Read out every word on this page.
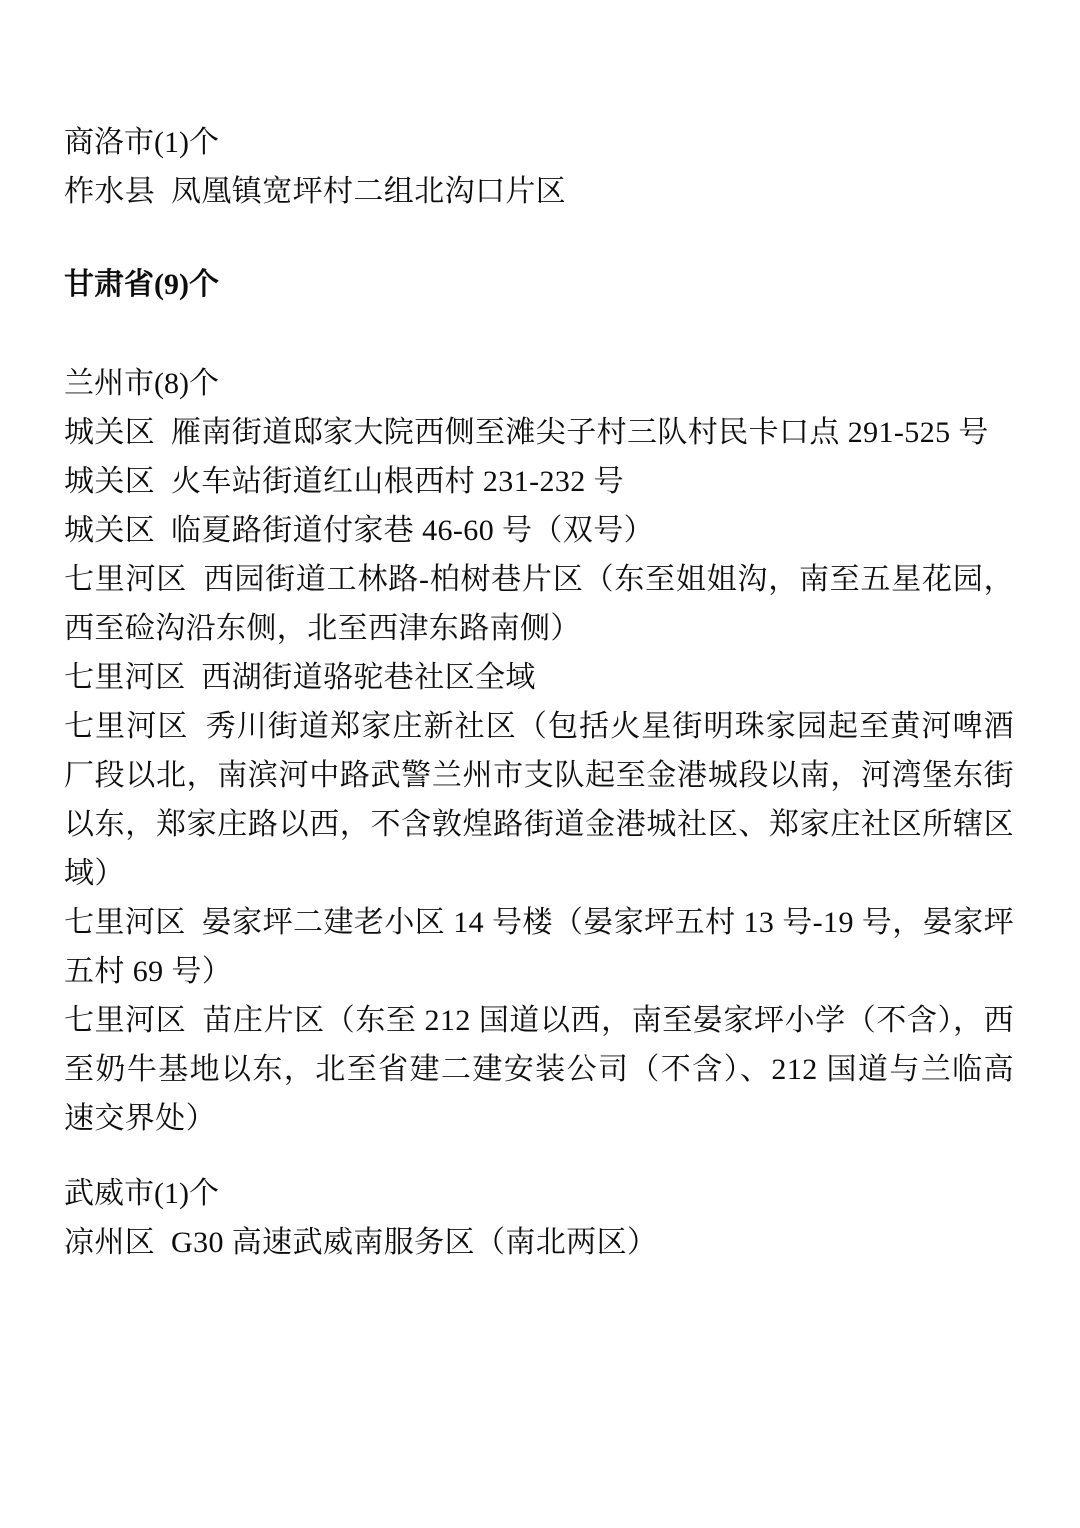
商洛市(1)个

柞水县  凤凰镇宽坪村二组北沟口片区

甘肃省(9)个

兰州市(8)个

城关区  雁南街道邸家大院西侧至滩尖子村三队村民卡口点 291-525 号

城关区  火车站街道红山根西村 231-232 号

城关区  临夏路街道付家巷 46-60 号（双号）

七里河区  西园街道工林路-柏树巷片区（东至姐姐沟，南至五星花园，西至硷沟沿东侧，北至西津东路南侧）

七里河区  西湖街道骆驼巷社区全域

七里河区  秀川街道郑家庄新社区（包括火星街明珠家园起至黄河啤酒厂段以北，南滨河中路武警兰州市支队起至金港城段以南，河湾堡东街以东，郑家庄路以西，不含敦煌路街道金港城社区、郑家庄社区所辖区域）

七里河区  晏家坪二建老小区 14 号楼（晏家坪五村 13 号-19 号，晏家坪五村 69 号）

七里河区  苗庄片区（东至 212 国道以西，南至晏家坪小学（不含），西至奶牛基地以东，北至省建二建安装公司（不含）、212 国道与兰临高速交界处）

武威市(1)个

凉州区  G30 高速武威南服务区（南北两区）
